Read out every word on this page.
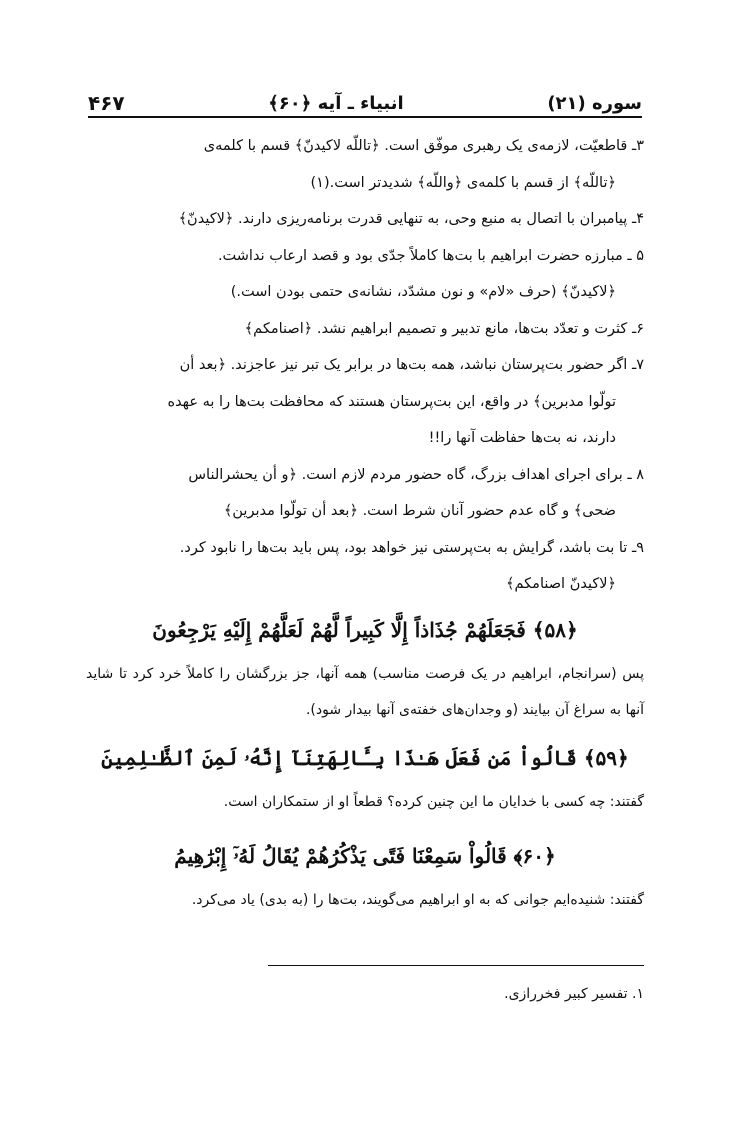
سوره (۲۱)
انبیاء ـ آیه ﴿۶۰﴾
۴۶۷

۳ـ قاطعیّت، لازمه‌ی یک رهبری موفّق است. ﴿تاللّه لاکیدنّ﴾ قسم با کلمه‌ی

﴿تاللّه﴾ از قسم با کلمه‌ی ﴿واللّه﴾ شدیدتر است.(۱)

۴ـ پیامبران با اتصال به منبع وحی، به تنهایی قدرت برنامه‌ریزی دارند. ﴿لاکیدنّ﴾

۵ ـ مبارزه حضرت ابراهیم با بت‌ها کاملاً جدّی بود و قصد ارعاب نداشت.

﴿لاکیدنّ﴾ (حرف «لام» و نون مشدّد، نشانه‌ی حتمی بودن است.)

۶ـ کثرت و تعدّد بت‌ها، مانع تدبیر و تصمیم ابراهیم نشد. ﴿اصنامکم﴾

۷ـ اگر حضور بت‌پرستان نباشد، همه بت‌ها در برابر یک تبر نیز عاجزند. ﴿بعد أن

تولّوا مدبرین﴾ در واقع، این بت‌پرستان هستند که محافظت بت‌ها را به عهده

دارند، نه بت‌ها حفاظت آنها را!!

۸ ـ برای اجرای اهداف بزرگ، گاه حضور مردم لازم است. ﴿و أن یحشرالناس

ضحی﴾ و گاه عدم حضور آنان شرط است. ﴿بعد أن تولّوا مدبرین﴾

۹ـ تا بت باشد، گرایش به بت‌پرستی نیز خواهد بود، پس باید بت‌ها را نابود کرد.

﴿لاکیدنّ اصنامکم﴾

﴿۵۸﴾ فَجَعَلَهُمْ جُذَاذاً إِلَّا كَبِيراً لَّهُمْ لَعَلَّهُمْ إِلَيْهِ يَرْجِعُونَ
پس (سرانجام، ابراهیم در یک فرصت مناسب) همه آنها، جز بزرگشان را کاملاً خرد کرد تا شاید آنها به سراغ آن بیایند (و وجدان‌های خفته‌ی آنها بیدار شود).
﴿۵۹﴾ قَالُواْ مَن فَعَلَ هَـٰذَا بِـَٔالِهَتِنَآ إِنَّهُۥ لَمِنَ ٱلظَّـٰلِمِينَ
گفتند: چه کسی با خدایان ما این چنین کرده؟ قطعاً او از ستمکاران است.
﴿۶۰﴾ قَالُواْ سَمِعْنَا فَتًى يَذْكُرُهُمْ يُقَالُ لَهُۥٓ إِبْرَٰهِيمُ
گفتند: شنیده‌ایم جوانی که به او ابراهیم می‌گویند، بت‌ها را (به بدی) یاد می‌کرد.
۱. تفسیر کبیر فخررازی.
